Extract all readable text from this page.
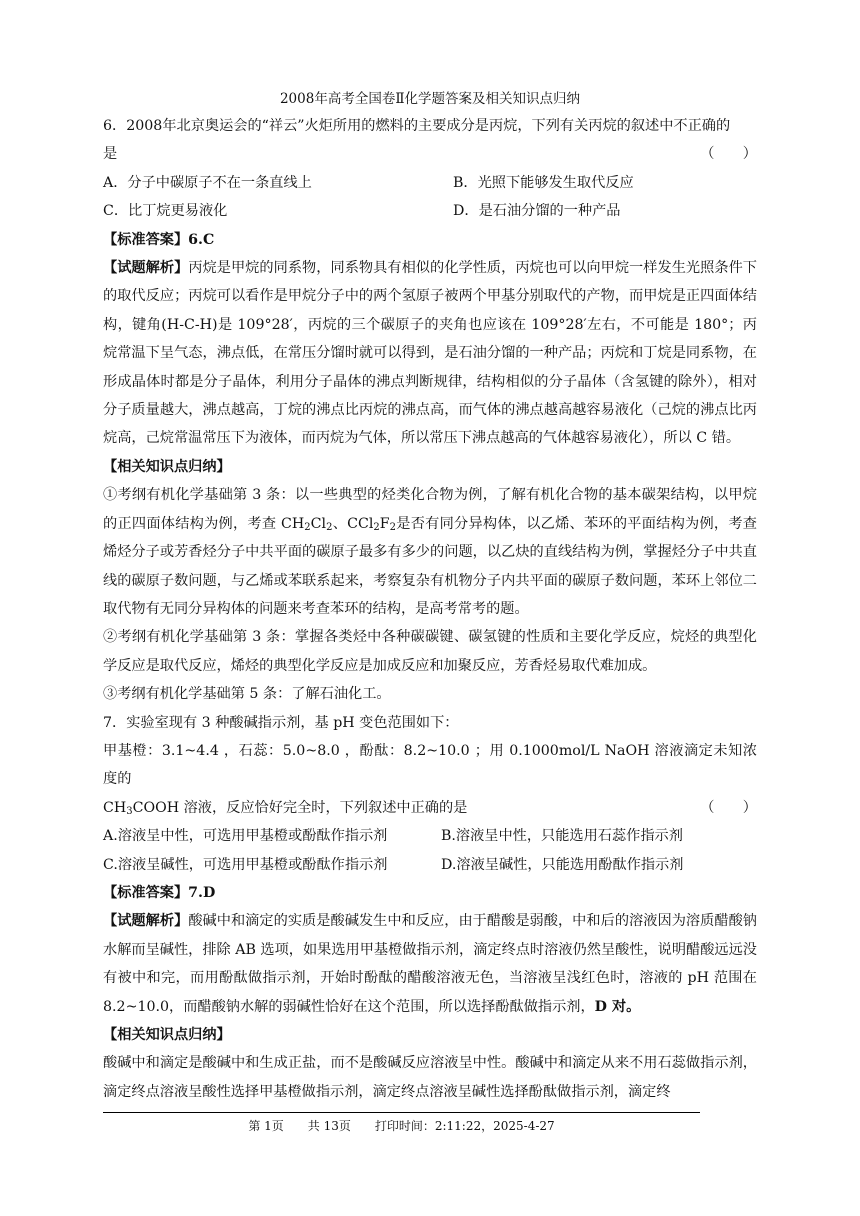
2008年高考全国卷Ⅱ化学题答案及相关知识点归纳

6．2008年北京奥运会的“祥云”火炬所用的燃料的主要成分是丙烷，下列有关丙烷的叙述中不正确的

是	（　　）
A．分子中碳原子不在一条直线上	B．光照下能够发生取代反应
C．比丁烷更易液化	D．是石油分馏的一种产品

【标准答案】6.C

【试题解析】丙烷是甲烷的同系物，同系物具有相似的化学性质，丙烷也可以向甲烷一样发生光照条件下的取代反应；丙烷可以看作是甲烷分子中的两个氢原子被两个甲基分别取代的产物，而甲烷是正四面体结构，键角(H-C-H)是 109°28′，丙烷的三个碳原子的夹角也应该在 109°28′左右，不可能是 180°；丙烷常温下呈气态，沸点低，在常压分馏时就可以得到，是石油分馏的一种产品；丙烷和丁烷是同系物，在形成晶体时都是分子晶体，利用分子晶体的沸点判断规律，结构相似的分子晶体（含氢键的除外），相对分子质量越大，沸点越高，丁烷的沸点比丙烷的沸点高，而气体的沸点越高越容易液化（己烷的沸点比丙烷高，己烷常温常压下为液体，而丙烷为气体，所以常压下沸点越高的气体越容易液化），所以 C 错。

【相关知识点归纳】

①考纲有机化学基础第 3 条：以一些典型的烃类化合物为例，了解有机化合物的基本碳架结构，以甲烷的正四面体结构为例，考查 $CH_2Cl_2$、$CCl_2F_2$是否有同分异构体，以乙烯、苯环的平面结构为例，考查烯烃分子或芳香烃分子中共平面的碳原子最多有多少的问题，以乙炔的直线结构为例，掌握烃分子中共直线的碳原子数问题，与乙烯或苯联系起来，考察复杂有机物分子内共平面的碳原子数问题，苯环上邻位二取代物有无同分异构体的问题来考查苯环的结构，是高考常考的题。

②考纲有机化学基础第 3 条：掌握各类烃中各种碳碳键、碳氢键的性质和主要化学反应，烷烃的典型化学反应是取代反应，烯烃的典型化学反应是加成反应和加聚反应，芳香烃易取代难加成。

③考纲有机化学基础第 5 条：了解石油化工。

7．实验室现有 3 种酸碱指示剂，基 pH 变色范围如下：

甲基橙：3.1~4.4 ，石蕊：5.0~8.0 ，酚酞：8.2~10.0 ；用 0.1000mol/L NaOH 溶液滴定未知浓度的

$CH_3COOH$ 溶液，反应恰好完全时，下列叙述中正确的是	（　　）
A.溶液呈中性，可选用甲基橙或酚酞作指示剂	B.溶液呈中性，只能选用石蕊作指示剂
C.溶液呈碱性，可选用甲基橙或酚酞作指示剂	D.溶液呈碱性，只能选用酚酞作指示剂

【标准答案】7.D

【试题解析】酸碱中和滴定的实质是酸碱发生中和反应，由于醋酸是弱酸，中和后的溶液因为溶质醋酸钠水解而呈碱性，排除 AB 选项，如果选用甲基橙做指示剂，滴定终点时溶液仍然呈酸性，说明醋酸远远没有被中和完，而用酚酞做指示剂，开始时酚酞的醋酸溶液无色，当溶液呈浅红色时，溶液的 pH 范围在 8.2~10.0，而醋酸钠水解的弱碱性恰好在这个范围，所以选择酚酞做指示剂，D 对。

【相关知识点归纳】

酸碱中和滴定是酸碱中和生成正盐，而不是酸碱反应溶液呈中性。酸碱中和滴定从来不用石蕊做指示剂，滴定终点溶液呈酸性选择甲基橙做指示剂，滴定终点溶液呈碱性选择酚酞做指示剂，滴定终

第 1页　　共 13页　　打印时间：2:11:22，2025-4-27
